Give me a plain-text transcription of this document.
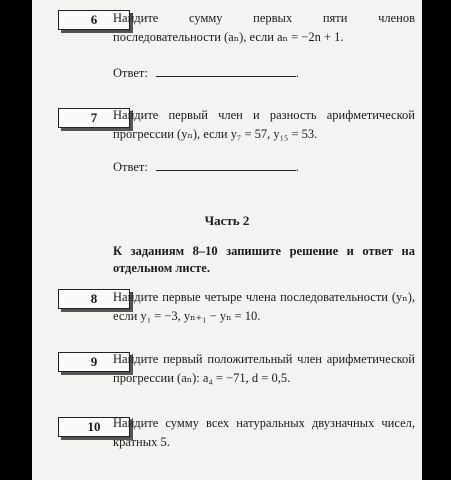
6	Найдите сумму первых пяти членов последовательности (aₙ), если aₙ = −2n + 1.
Ответ:	.
7	Найдите первый член и разность арифметической прогрессии (yₙ), если y₇ = 57, y₁₅ = 53.
Ответ:	.
Часть 2
К заданиям 8–10 запишите решение и ответ на отдельном листе.
8	Найдите первые четыре члена последовательности (yₙ), если y₁ = −3, yₙ₊₁ − yₙ = 10.
9	Найдите первый положительный член арифметической прогрессии (aₙ): a₄ = −71, d = 0,5.
10	Найдите сумму всех натуральных двузначных чисел, кратных 5.
